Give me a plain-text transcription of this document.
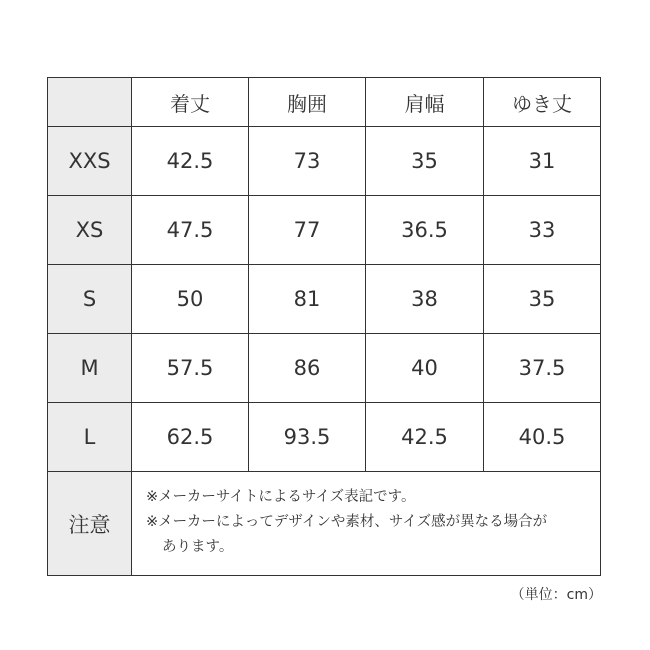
	着丈	胸囲	肩幅	ゆき丈
XXS	42.5	73	35	31
XS	47.5	77	36.5	33
S	50	81	38	35
M	57.5	86	40	37.5
L	62.5	93.5	42.5	40.5
注意	※メーカーサイトによるサイズ表記です。
※メーカーによってデザインや素材、サイズ感が異なる場合が
あります。			
（単位：cm）
